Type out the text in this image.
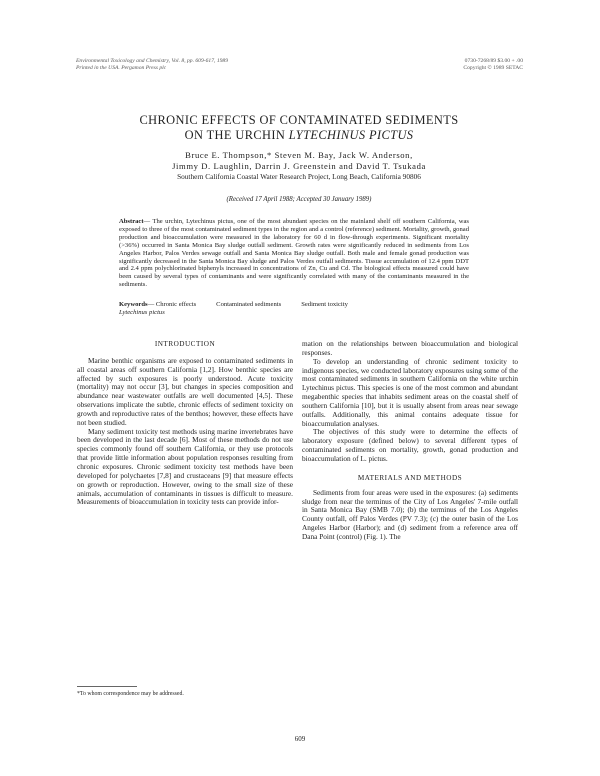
Environmental Toxicology and Chemistry, Vol. 8, pp. 609-617, 1989
Printed in the USA. Pergamon Press plc
0730-7268/89 $3.00 + .00
Copyright © 1989 SETAC
CHRONIC EFFECTS OF CONTAMINATED SEDIMENTS
ON THE URCHIN LYTECHINUS PICTUS
Bruce E. Thompson,* Steven M. Bay, Jack W. Anderson,
Jimmy D. Laughlin, Darrin J. Greenstein and David T. Tsukada
Southern California Coastal Water Research Project, Long Beach, California 90806
(Received 17 April 1988; Accepted 30 January 1989)
Abstract— The urchin, Lytechinus pictus, one of the most abundant species on the mainland shelf off southern California, was exposed to three of the most contaminated sediment types in the region and a control (reference) sediment. Mortality, growth, gonad production and bioaccumulation were measured in the laboratory for 60 d in flow-through experiments. Significant mortality (>36%) occurred in Santa Monica Bay sludge outfall sediment. Growth rates were significantly reduced in sediments from Los Angeles Harbor, Palos Verdes sewage outfall and Santa Monica Bay sludge outfall. Both male and female gonad production was significantly decreased in the Santa Monica Bay sludge and Palos Verdes outfall sediments. Tissue accumulation of 12.4 ppm DDT and 2.4 ppm polychlorinated biphenyls increased in concentrations of Zn, Cu and Cd. The biological effects measured could have been caused by several types of contaminants and were significantly correlated with many of the contaminants measured in the sediments.
Keywords— Chronic effects	Contaminated sediments	Sediment toxicity
Lytechinus pictus
INTRODUCTION

Marine benthic organisms are exposed to contaminated sediments in all coastal areas off southern California [1,2]. How benthic species are affected by such exposures is poorly understood. Acute toxicity (mortality) may not occur [3], but changes in species composition and abundance near wastewater outfalls are well documented [4,5]. These observations implicate the subtle, chronic effects of sediment toxicity on growth and reproductive rates of the benthos; however, these effects have not been studied.

Many sediment toxicity test methods using marine invertebrates have been developed in the last decade [6]. Most of these methods do not use species commonly found off southern California, or they use protocols that provide little information about population responses resulting from chronic exposures. Chronic sediment toxicity test methods have been developed for polychaetes [7,8] and crustaceans [9] that measure effects on growth or reproduction. However, owing to the small size of these animals, accumulation of contaminants in tissues is difficult to measure. Measurements of bioaccumulation in toxicity tests can provide infor-

mation on the relationships between bioaccumulation and biological responses.

To develop an understanding of chronic sediment toxicity to indigenous species, we conducted laboratory exposures using some of the most contaminated sediments in southern California on the white urchin Lytechinus pictus. This species is one of the most common and abundant megabenthic species that inhabits sediment areas on the coastal shelf of southern California [10], but it is usually absent from areas near sewage outfalls. Additionally, this animal contains adequate tissue for bioaccumulation analyses.

The objectives of this study were to determine the effects of laboratory exposure (defined below) to several different types of contaminated sediments on mortality, growth, gonad production and bioaccumulation of L. pictus.

MATERIALS AND METHODS

Sediments from four areas were used in the exposures: (a) sediments sludge from near the terminus of the City of Los Angeles' 7-mile outfall in Santa Monica Bay (SMB 7.0); (b) the terminus of the Los Angeles County outfall, off Palos Verdes (PV 7.3); (c) the outer basin of the Los Angeles Harbor (Harbor); and (d) sediment from a reference area off Dana Point (control) (Fig. 1). The

*To whom correspondence may be addressed.
609
